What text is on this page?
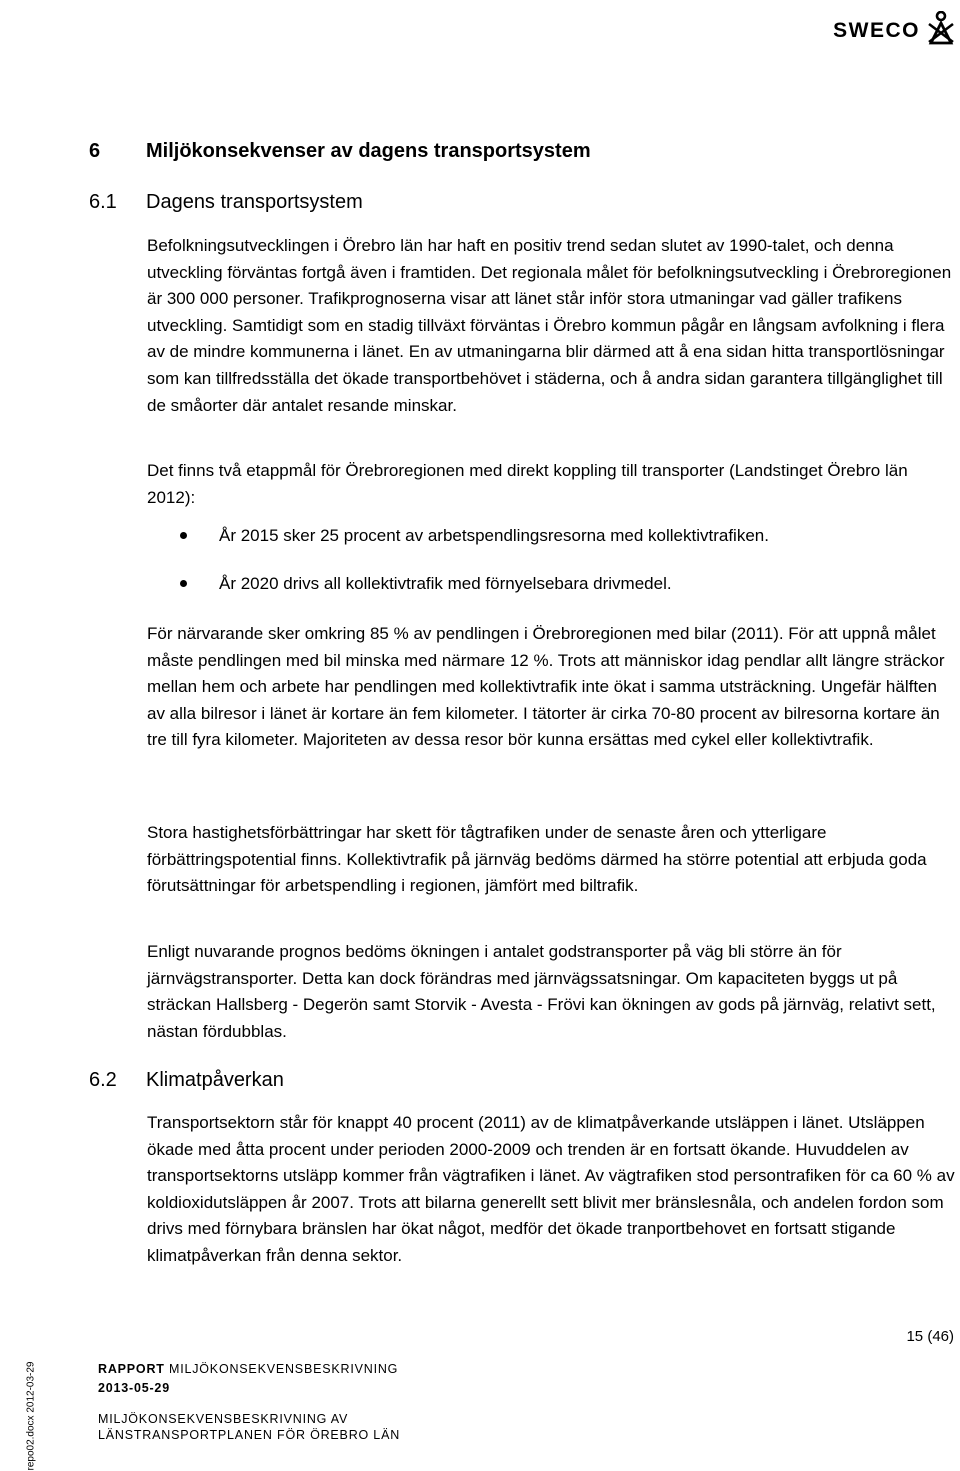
SWECO
6	Miljökonsekvenser av dagens transportsystem
6.1	Dagens transportsystem

Befolkningsutvecklingen i Örebro län har haft en positiv trend sedan slutet av 1990-talet, och denna utveckling förväntas fortgå även i framtiden. Det regionala målet för befolkningsutveckling i Örebroregionen är 300 000 personer. Trafikprognoserna visar att länet står inför stora utmaningar vad gäller trafikens utveckling. Samtidigt som en stadig tillväxt förväntas i Örebro kommun pågår en långsam avfolkning i flera av de mindre kommunerna i länet. En av utmaningarna blir därmed att å ena sidan hitta transportlösningar som kan tillfredsställa det ökade transportbehövet i städerna, och å andra sidan garantera tillgänglighet till de småorter där antalet resande minskar.

Det finns två etappmål för Örebroregionen med direkt koppling till transporter (Landstinget Örebro län 2012):

År 2015 sker 25 procent av arbetspendlingsresorna med kollektivtrafiken.
År 2020 drivs all kollektivtrafik med förnyelsebara drivmedel.

För närvarande sker omkring 85 % av pendlingen i Örebroregionen med bilar (2011). För att uppnå målet måste pendlingen med bil minska med närmare 12 %. Trots att människor idag pendlar allt längre sträckor mellan hem och arbete har pendlingen med kollektivtrafik inte ökat i samma utsträckning. Ungefär hälften av alla bilresor i länet är kortare än fem kilometer. I tätorter är cirka 70-80 procent av bilresorna kortare än tre till fyra kilometer. Majoriteten av dessa resor bör kunna ersättas med cykel eller kollektivtrafik.

Stora hastighetsförbättringar har skett för tågtrafiken under de senaste åren och ytterligare förbättringspotential finns. Kollektivtrafik på järnväg bedöms därmed ha större potential att erbjuda goda förutsättningar för arbetspendling i regionen, jämfört med biltrafik.

Enligt nuvarande prognos bedöms ökningen i antalet godstransporter på väg bli större än för järnvägstransporter. Detta kan dock förändras med järnvägssatsningar. Om kapaciteten byggs ut på sträckan Hallsberg - Degerön samt Storvik - Avesta - Frövi kan ökningen av gods på järnväg, relativt sett, nästan fördubblas.

6.2	Klimatpåverkan

Transportsektorn står för knappt 40 procent (2011) av de klimatpåverkande utsläppen i länet. Utsläppen ökade med åtta procent under perioden 2000-2009 och trenden är en fortsatt ökande. Huvuddelen av transportsektorns utsläpp kommer från vägtrafiken i länet. Av vägtrafiken stod persontrafiken för ca 60 % av koldioxidutsläppen år 2007. Trots att bilarna generellt sett blivit mer bränslesnåla, och andelen fordon som drivs med förnybara bränslen har ökat något, medför det ökade tranportbehovet en fortsatt stigande klimatpåverkan från denna sektor.

15 (46)
RAPPORT MILJÖKONSEKVENSBESKRIVNING
2013-05-29
MILJÖKONSEKVENSBESKRIVNING AV
LÄNSTRANSPORTPLANEN FÖR ÖREBRO LÄN
repo02.docx 2012-03-29
